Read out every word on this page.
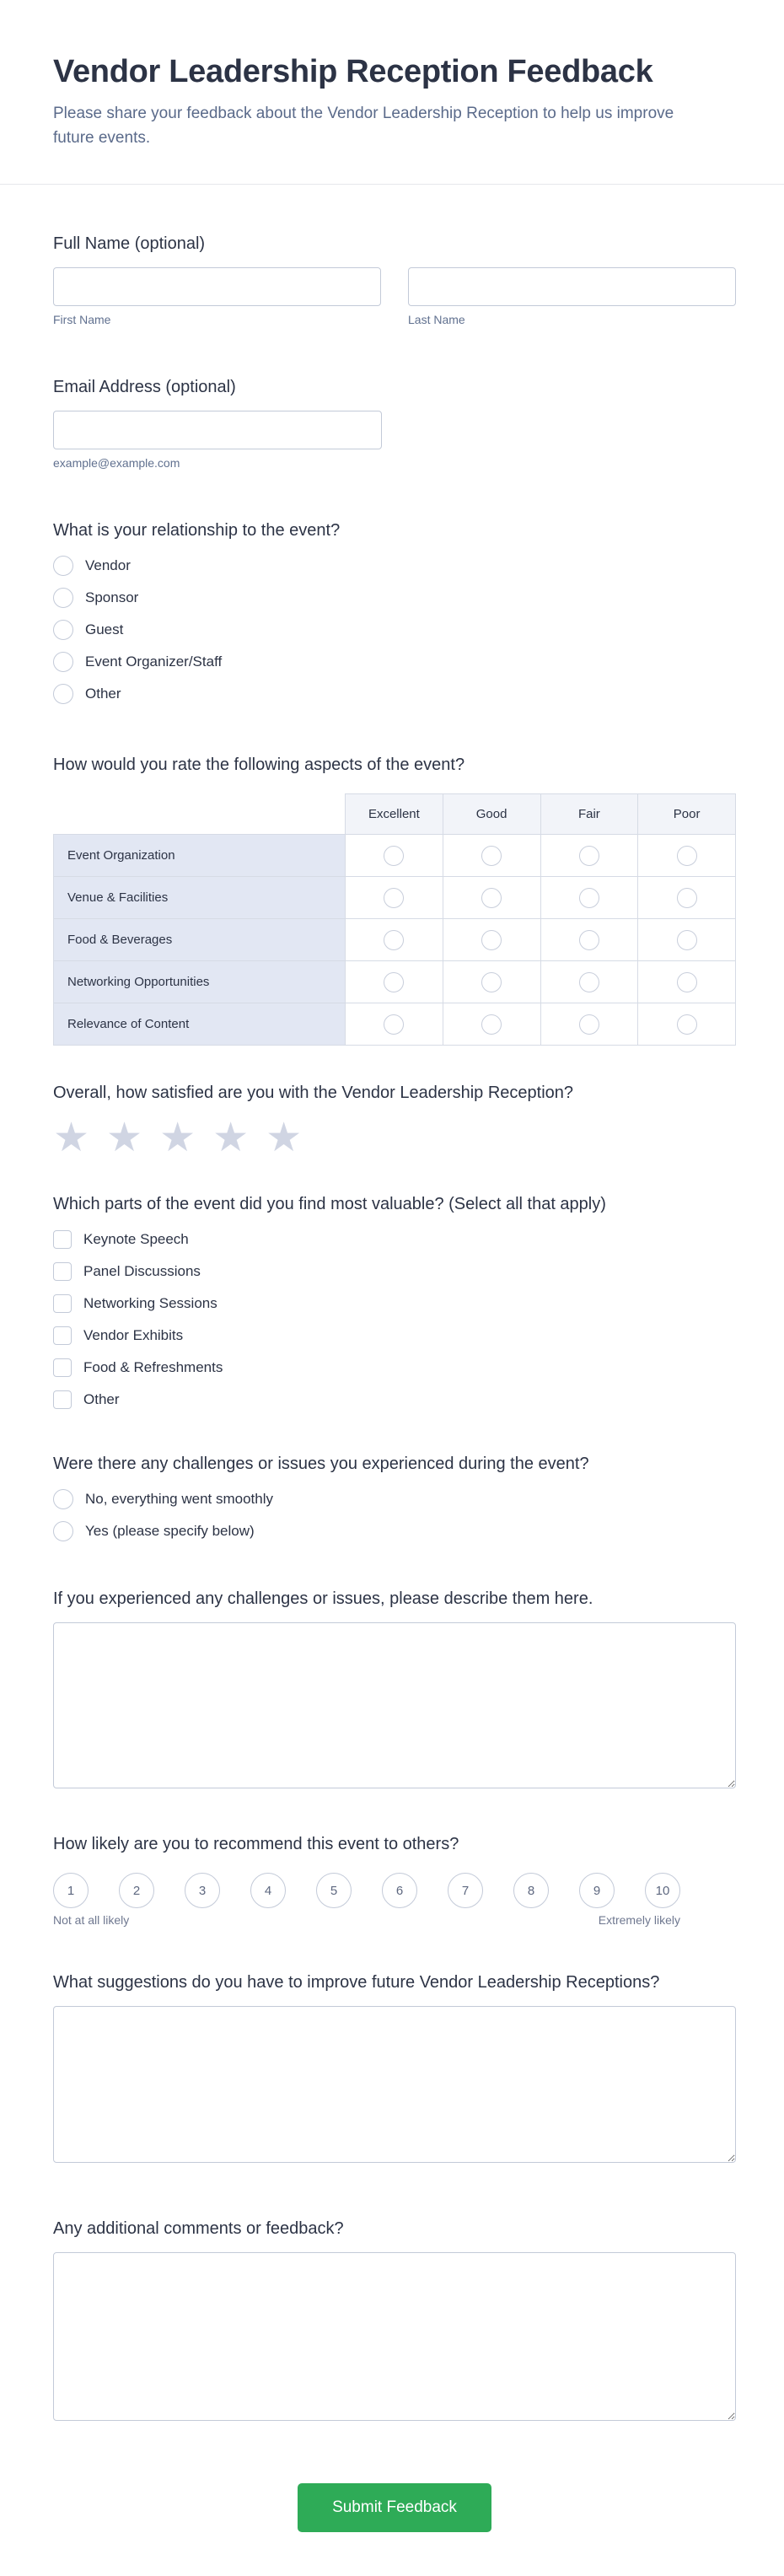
Vendor Leadership Reception Feedback

Please share your feedback about the Vendor Leadership Reception to help us improve future events.

Full Name (optional)
First Name	Last Name
Email Address (optional)
example@example.com
What is your relationship to the event?
Vendor
Sponsor
Guest
Event Organizer/Staff
Other
How would you rate the following aspects of the event?
	Excellent	Good	Fair	Poor
Event Organization				
Venue & Facilities				
Food & Beverages				
Networking Opportunities				
Relevance of Content				
Overall, how satisfied are you with the Vendor Leadership Reception?
★ ★ ★ ★ ★
Which parts of the event did you find most valuable? (Select all that apply)
Keynote Speech
Panel Discussions
Networking Sessions
Vendor Exhibits
Food & Refreshments
Other
Were there any challenges or issues you experienced during the event?
No, everything went smoothly
Yes (please specify below)
If you experienced any challenges or issues, please describe them here.
How likely are you to recommend this event to others?
1	2	3	4	5	6	7	8	9	10
Not at all likely	Extremely likely
What suggestions do you have to improve future Vendor Leadership Receptions?
Any additional comments or feedback?
Submit Feedback
